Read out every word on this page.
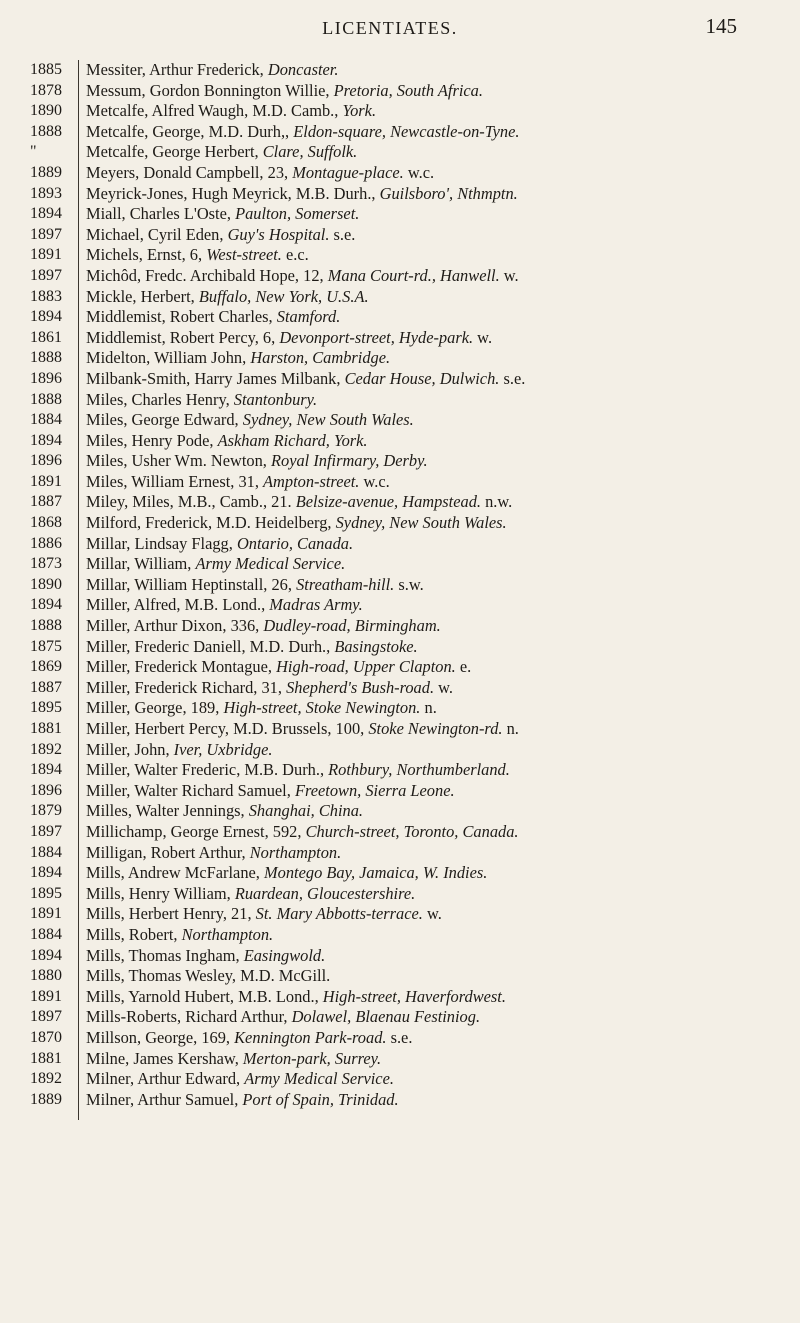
LICENTIATES.	145
1885	Messiter, Arthur Frederick, Doncaster.
1878	Messum, Gordon Bonnington Willie, Pretoria, South Africa.
1890	Metcalfe, Alfred Waugh, M.D. Camb., York.
1888	Metcalfe, George, M.D. Durh,, Eldon-square, Newcastle-on-Tyne.
"	Metcalfe, George Herbert, Clare, Suffolk.
1889	Meyers, Donald Campbell, 23, Montague-place. w.c.
1893	Meyrick-Jones, Hugh Meyrick, M.B. Durh., Guilsboro', Nthmptn.
1894	Miall, Charles L'Oste, Paulton, Somerset.
1897	Michael, Cyril Eden, Guy's Hospital. s.e.
1891	Michels, Ernst, 6, West-street. e.c.
1897	Michôd, Fredc. Archibald Hope, 12, Mana Court-rd., Hanwell. w.
1883	Mickle, Herbert, Buffalo, New York, U.S.A.
1894	Middlemist, Robert Charles, Stamford.
1861	Middlemist, Robert Percy, 6, Devonport-street, Hyde-park. w.
1888	Midelton, William John, Harston, Cambridge.
1896	Milbank-Smith, Harry James Milbank, Cedar House, Dulwich. s.e.
1888	Miles, Charles Henry, Stantonbury.
1884	Miles, George Edward, Sydney, New South Wales.
1894	Miles, Henry Pode, Askham Richard, York.
1896	Miles, Usher Wm. Newton, Royal Infirmary, Derby.
1891	Miles, William Ernest, 31, Ampton-street. w.c.
1887	Miley, Miles, M.B., Camb., 21. Belsize-avenue, Hampstead. n.w.
1868	Milford, Frederick, M.D. Heidelberg, Sydney, New South Wales.
1886	Millar, Lindsay Flagg, Ontario, Canada.
1873	Millar, William, Army Medical Service.
1890	Millar, William Heptinstall, 26, Streatham-hill. s.w.
1894	Miller, Alfred, M.B. Lond., Madras Army.
1888	Miller, Arthur Dixon, 336, Dudley-road, Birmingham.
1875	Miller, Frederic Daniell, M.D. Durh., Basingstoke.
1869	Miller, Frederick Montague, High-road, Upper Clapton. e.
1887	Miller, Frederick Richard, 31, Shepherd's Bush-road. w.
1895	Miller, George, 189, High-street, Stoke Newington. n.
1881	Miller, Herbert Percy, M.D. Brussels, 100, Stoke Newington-rd. n.
1892	Miller, John, Iver, Uxbridge.
1894	Miller, Walter Frederic, M.B. Durh., Rothbury, Northumberland.
1896	Miller, Walter Richard Samuel, Freetown, Sierra Leone.
1879	Milles, Walter Jennings, Shanghai, China.
1897	Millichamp, George Ernest, 592, Church-street, Toronto, Canada.
1884	Milligan, Robert Arthur, Northampton.
1894	Mills, Andrew McFarlane, Montego Bay, Jamaica, W. Indies.
1895	Mills, Henry William, Ruardean, Gloucestershire.
1891	Mills, Herbert Henry, 21, St. Mary Abbotts-terrace. w.
1884	Mills, Robert, Northampton.
1894	Mills, Thomas Ingham, Easingwold.
1880	Mills, Thomas Wesley, M.D. McGill.
1891	Mills, Yarnold Hubert, M.B. Lond., High-street, Haverfordwest.
1897	Mills-Roberts, Richard Arthur, Dolawel, Blaenau Festiniog.
1870	Millson, George, 169, Kennington Park-road. s.e.
1881	Milne, James Kershaw, Merton-park, Surrey.
1892	Milner, Arthur Edward, Army Medical Service.
1889	Milner, Arthur Samuel, Port of Spain, Trinidad.
